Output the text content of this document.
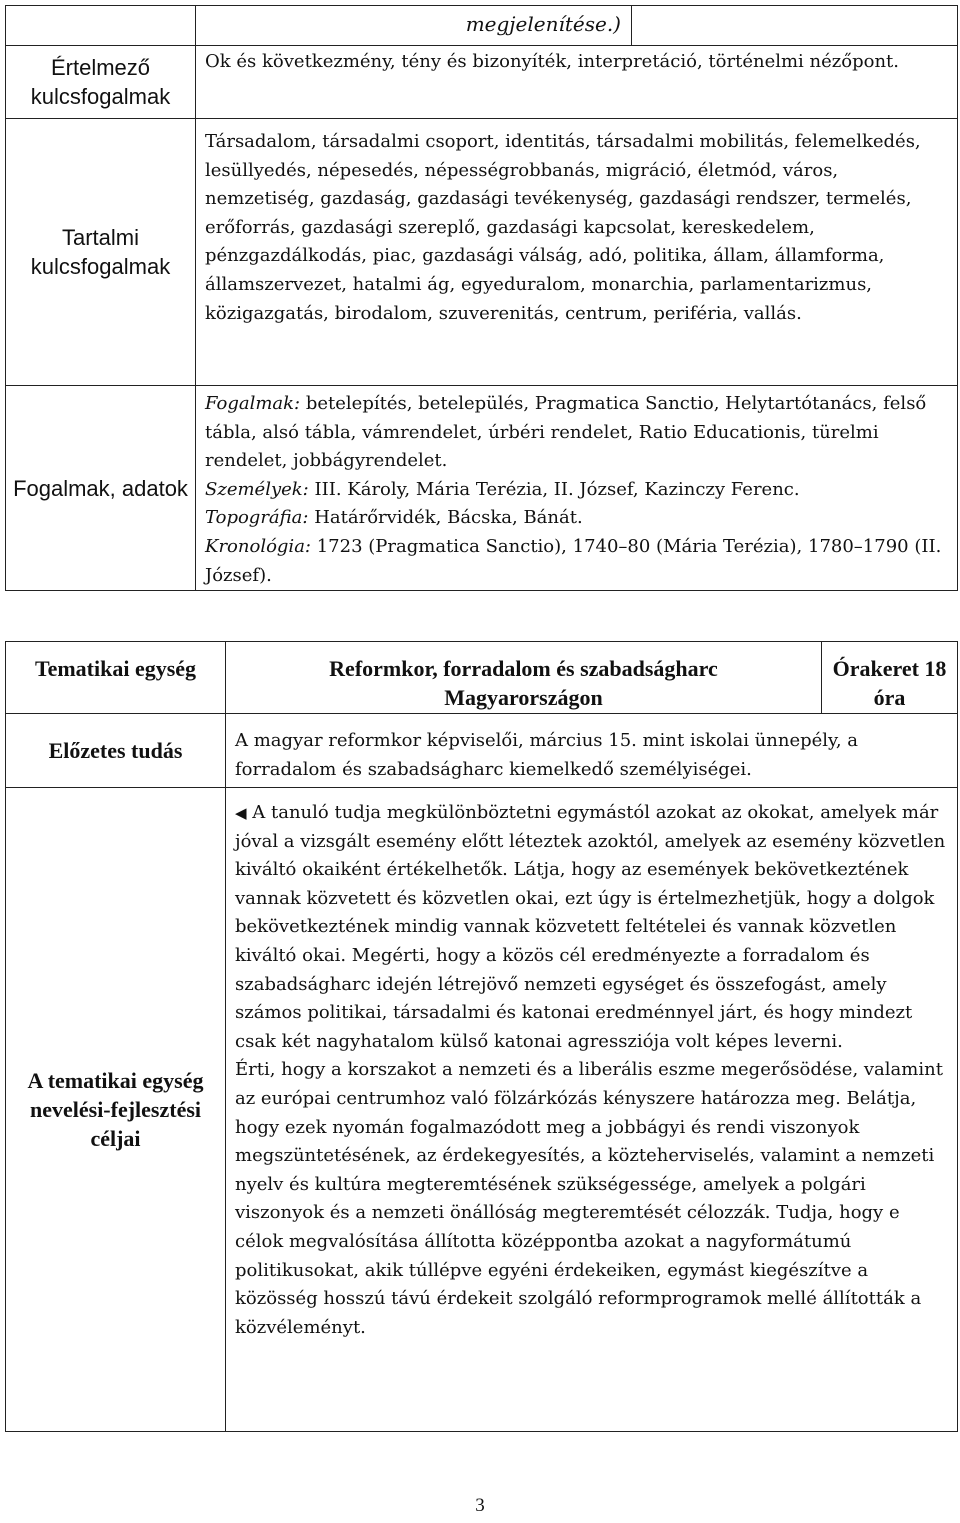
	megjelenítése.)

Értelmező kulcsfogalmak	Ok és következmény, tény és bizonyíték, interpretáció, történelmi nézőpont.
Tartalmi kulcsfogalmak	Társadalom, társadalmi csoport, identitás, társadalmi mobilitás, felemelkedés, lesüllyedés, népesedés, népességrobbanás, migráció, életmód, város, nemzetiség, gazdaság, gazdasági tevékenység, gazdasági rendszer, termelés, erőforrás, gazdasági szereplő, gazdasági kapcsolat, kereskedelem, pénzgazdálkodás, piac, gazdasági válság, adó, politika, állam, államforma, államszervezet, hatalmi ág, egyeduralom, monarchia, parlamentarizmus, közigazgatás, birodalom, szuverenitás, centrum, periféria, vallás.
Fogalmak, adatok	Fogalmak: betelepítés, betelepülés, Pragmatica Sanctio, Helytartótanács, felső tábla, alsó tábla, vámrendelet, úrbéri rendelet, Ratio Educationis, türelmi rendelet, jobbágyrendelet.
Személyek: III. Károly, Mária Terézia, II. József, Kazinczy Ferenc.
Topográfia: Határőrvidék, Bácska, Bánát.
Kronológia: 1723 (Pragmatica Sanctio), 1740–80 (Mária Terézia), 1780–1790 (II. József).
Tematikai egység	Reformkor, forradalom és szabadságharc Magyarországon	Órakeret 18 óra
Előzetes tudás	A magyar reformkor képviselői, március 15. mint iskolai ünnepély, a forradalom és szabadságharc kiemelkedő személyiségei.	
A tematikai egység nevelési-fejlesztési céljai	◀ A tanuló tudja megkülönböztetni egymástól azokat az okokat, amelyek már jóval a vizsgált esemény előtt léteztek azoktól, amelyek az esemény közvetlen kiváltó okaiként értékelhetők. Látja, hogy az események bekövetkeztének vannak közvetett és közvetlen okai, ezt úgy is értelmezhetjük, hogy a dolgok bekövetkeztének mindig vannak közvetett feltételei és vannak közvetlen kiváltó okai. Megérti, hogy a közös cél eredményezte a forradalom és szabadságharc idején létrejövő nemzeti egységet és összefogást, amely számos politikai, társadalmi és katonai eredménnyel járt, és hogy mindezt csak két nagyhatalom külső katonai agressziója volt képes leverni.
Érti, hogy a korszakot a nemzeti és a liberális eszme megerősödése, valamint az európai centrumhoz való fölzárkózás kényszere határozza meg. Belátja, hogy ezek nyomán fogalmazódott meg a jobbágyi és rendi viszonyok megszüntetésének, az érdekegyesítés, a közteherviselés, valamint a nemzeti nyelv és kultúra megteremtésének szükségessége, amelyek a polgári viszonyok és a nemzeti önállóság megteremtését célozzák. Tudja, hogy e célok megvalósítása állította középpontba azokat a nagyformátumú politikusokat, akik túllépve egyéni érdekeiken, egymást kiegészítve a közösség hosszú távú érdekeit szolgáló reformprogramok mellé állították a közvéleményt.	
3
